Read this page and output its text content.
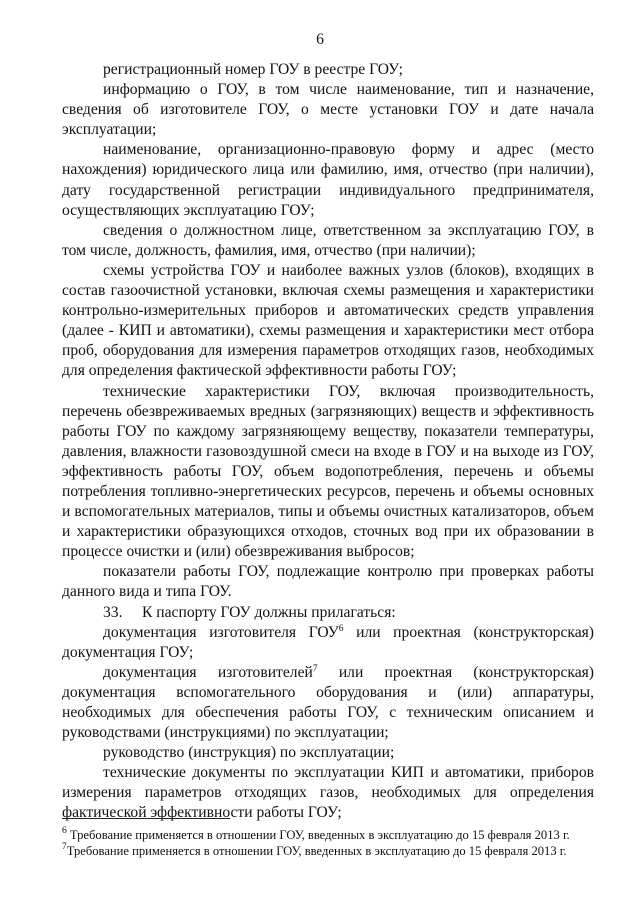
6

регистрационный номер ГОУ в реестре ГОУ;

информацию о ГОУ, в том числе наименование, тип и назначение, сведения об изготовителе ГОУ, о месте установки ГОУ и дате начала эксплуатации;

наименование, организационно-правовую форму и адрес (место нахождения) юридического лица или фамилию, имя, отчество (при наличии), дату государственной регистрации индивидуального предпринимателя, осуществляющих эксплуатацию ГОУ;

сведения о должностном лице, ответственном за эксплуатацию ГОУ, в том числе, должность, фамилия, имя, отчество (при наличии);

схемы устройства ГОУ и наиболее важных узлов (блоков), входящих в состав газоочистной установки, включая схемы размещения и характеристики контрольно-измерительных приборов и автоматических средств управления (далее - КИП и автоматики), схемы размещения и характеристики мест отбора проб, оборудования для измерения параметров отходящих газов, необходимых для определения фактической эффективности работы ГОУ;

технические характеристики ГОУ, включая производительность, перечень обезвреживаемых вредных (загрязняющих) веществ и эффективность работы ГОУ по каждому загрязняющему веществу, показатели температуры, давления, влажности газовоздушной смеси на входе в ГОУ и на выходе из ГОУ, эффективность работы ГОУ, объем водопотребления, перечень и объемы потребления топливно-энергетических ресурсов, перечень и объемы основных и вспомогательных материалов, типы и объемы очистных катализаторов, объем и характеристики образующихся отходов, сточных вод при их образовании в процессе очистки и (или) обезвреживания выбросов;

показатели работы ГОУ, подлежащие контролю при проверках работы данного вида и типа ГОУ.

33.     К паспорту ГОУ должны прилагаться:

документация изготовителя ГОУ$^6$ или проектная (конструкторская) документация ГОУ;

документация изготовителей$^7$ или проектная (конструкторская) документация вспомогательного оборудования и (или) аппаратуры, необходимых для обеспечения работы ГОУ, с техническим описанием и руководствами (инструкциями) по эксплуатации;

руководство (инструкция) по эксплуатации;

технические документы по эксплуатации КИП и автоматики, приборов измерения параметров отходящих газов, необходимых для определения фактической эффективности работы ГОУ;

$^6$ Требование применяется в отношении ГОУ, введенных в эксплуатацию до 15 февраля 2013 г.

$^7$Требование применяется в отношении ГОУ, введенных в эксплуатацию до 15 февраля 2013 г.
